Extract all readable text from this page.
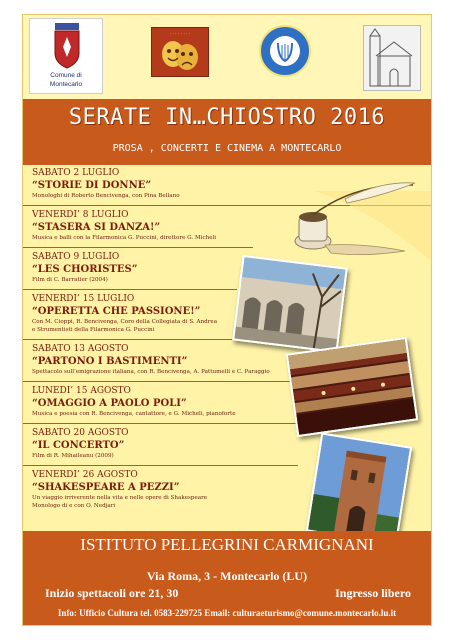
Comune di
Montecarlo
· · · · · · · ·
SERATE IN…CHIOSTRO 2016
PROSA , CONCERTI E CINEMA A MONTECARLO
SABATO 2 LUGLIO
“STORIE DI DONNE”
Monologhi di Roberto Bencivenga, con Pina Bellano
VENERDI’ 8 LUGLIO
“STASERA SI DANZA!”
Musica e balli con la Filarmonica G. Puccini, direttore G. Micheli
SABATO 9 LUGLIO
“LES CHORISTES”
Film di C. Barratier (2004)
VENERDI’ 15 LUGLIO
“OPERETTA CHE PASSIONE!”
Con M. Cioppi, R. Bencivenga, Coro della Collegiata di S. Andrea
e Strumentisti della Filarmonica G. Puccini
SABATO 13 AGOSTO
“PARTONO I BASTIMENTI”
Spettacolo sull’emigrazione italiana, con R. Bencivenga, A. Pattumelli e C. Paraggio
LUNEDI’ 15 AGOSTO
“OMAGGIO A PAOLO POLI”
Musica e poesia con R. Bencivenga, cantattore, e G. Micheli, pianoforte
SABATO 20 AGOSTO
“IL CONCERTO”
Film di R. Mihaileanu (2009)
VENERDI’ 26 AGOSTO
“SHAKESPEARE A PEZZI”
Un viaggio irriverente nella vita e nelle opere di Shakespeare
Monologo di e con O. Nedjari
ISTITUTO PELLEGRINI CARMIGNANI
Via Roma, 3 - Montecarlo (LU)
Inizio spettacoli ore 21, 30	Ingresso libero
Info: Ufficio Cultura tel. 0583-229725 Email: culturaeturismo@comune.montecarlo.lu.it
